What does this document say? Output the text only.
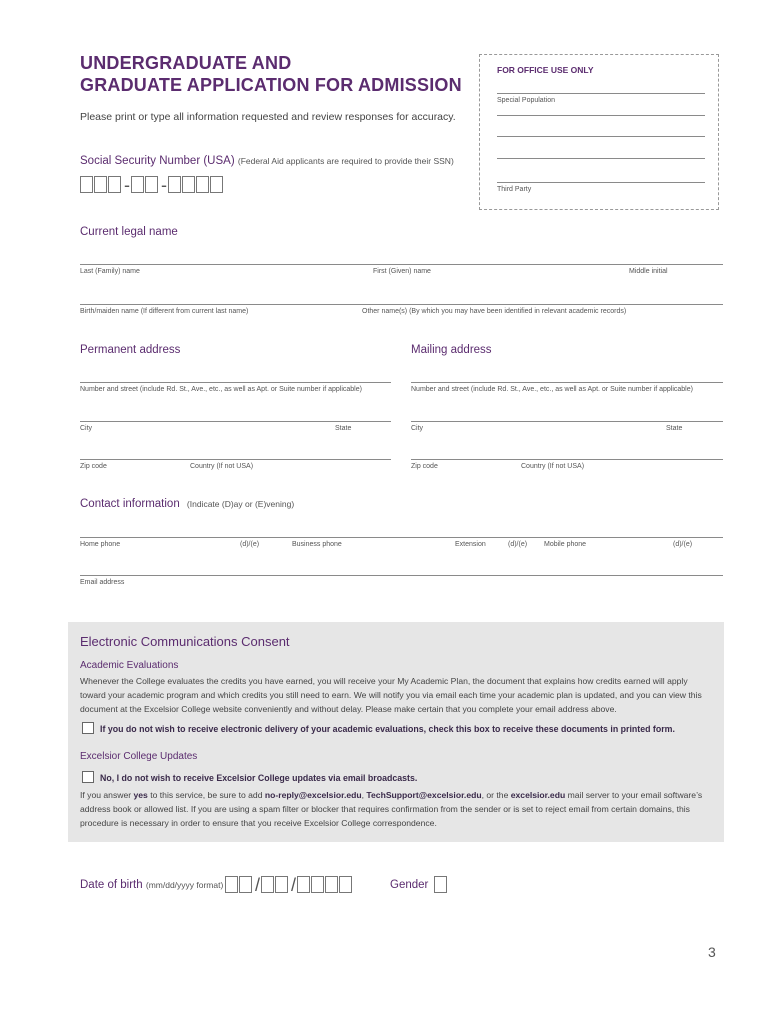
UNDERGRADUATE AND
GRADUATE APPLICATION FOR ADMISSION
Please print or type all information requested and review responses for accuracy.
FOR OFFICE USE ONLY
Special Population
Third Party
Social Security Number (USA) (Federal Aid applicants are required to provide their SSN)
- -
Current legal name
Last (Family) name	First (Given) name	Middle initial
Birth/maiden name (If different from current last name)	Other name(s) (By which you may have been identified in relevant academic records)
Permanent address
Number and street (include Rd. St., Ave., etc., as well as Apt. or Suite number if applicable)
City	State
Zip code	Country (If not USA)
Mailing address
Number and street (include Rd. St., Ave., etc., as well as Apt. or Suite number if applicable)
City	State
Zip code	Country (If not USA)
Contact information (Indicate (D)ay or (E)vening)
Home phone	(d)/(e)	Business phone	Extension	(d)/(e) Mobile phone	(d)/(e)
Email address
Electronic Communications Consent
Academic Evaluations
Whenever the College evaluates the credits you have earned, you will receive your My Academic Plan, the document that explains how credits earned will apply toward your academic program and which credits you still need to earn. We will notify you via email each time your academic plan is updated, and you can view this document at the Excelsior College website conveniently and without delay. Please make certain that you complete your email address above.
If you do not wish to receive electronic delivery of your academic evaluations, check this box to receive these documents in printed form.
Excelsior College Updates
No, I do not wish to receive Excelsior College updates via email broadcasts.
If you answer yes to this service, be sure to add no-reply@excelsior.edu, TechSupport@excelsior.edu, or the excelsior.edu mail server to your email software’s address book or allowed list. If you are using a spam filter or blocker that requires confirmation from the sender or is set to reject email from certain domains, this procedure is necessary in order to ensure that you receive Excelsior College correspondence.
Date of birth (mm/dd/yyyy format)	/ /	Gender
3
